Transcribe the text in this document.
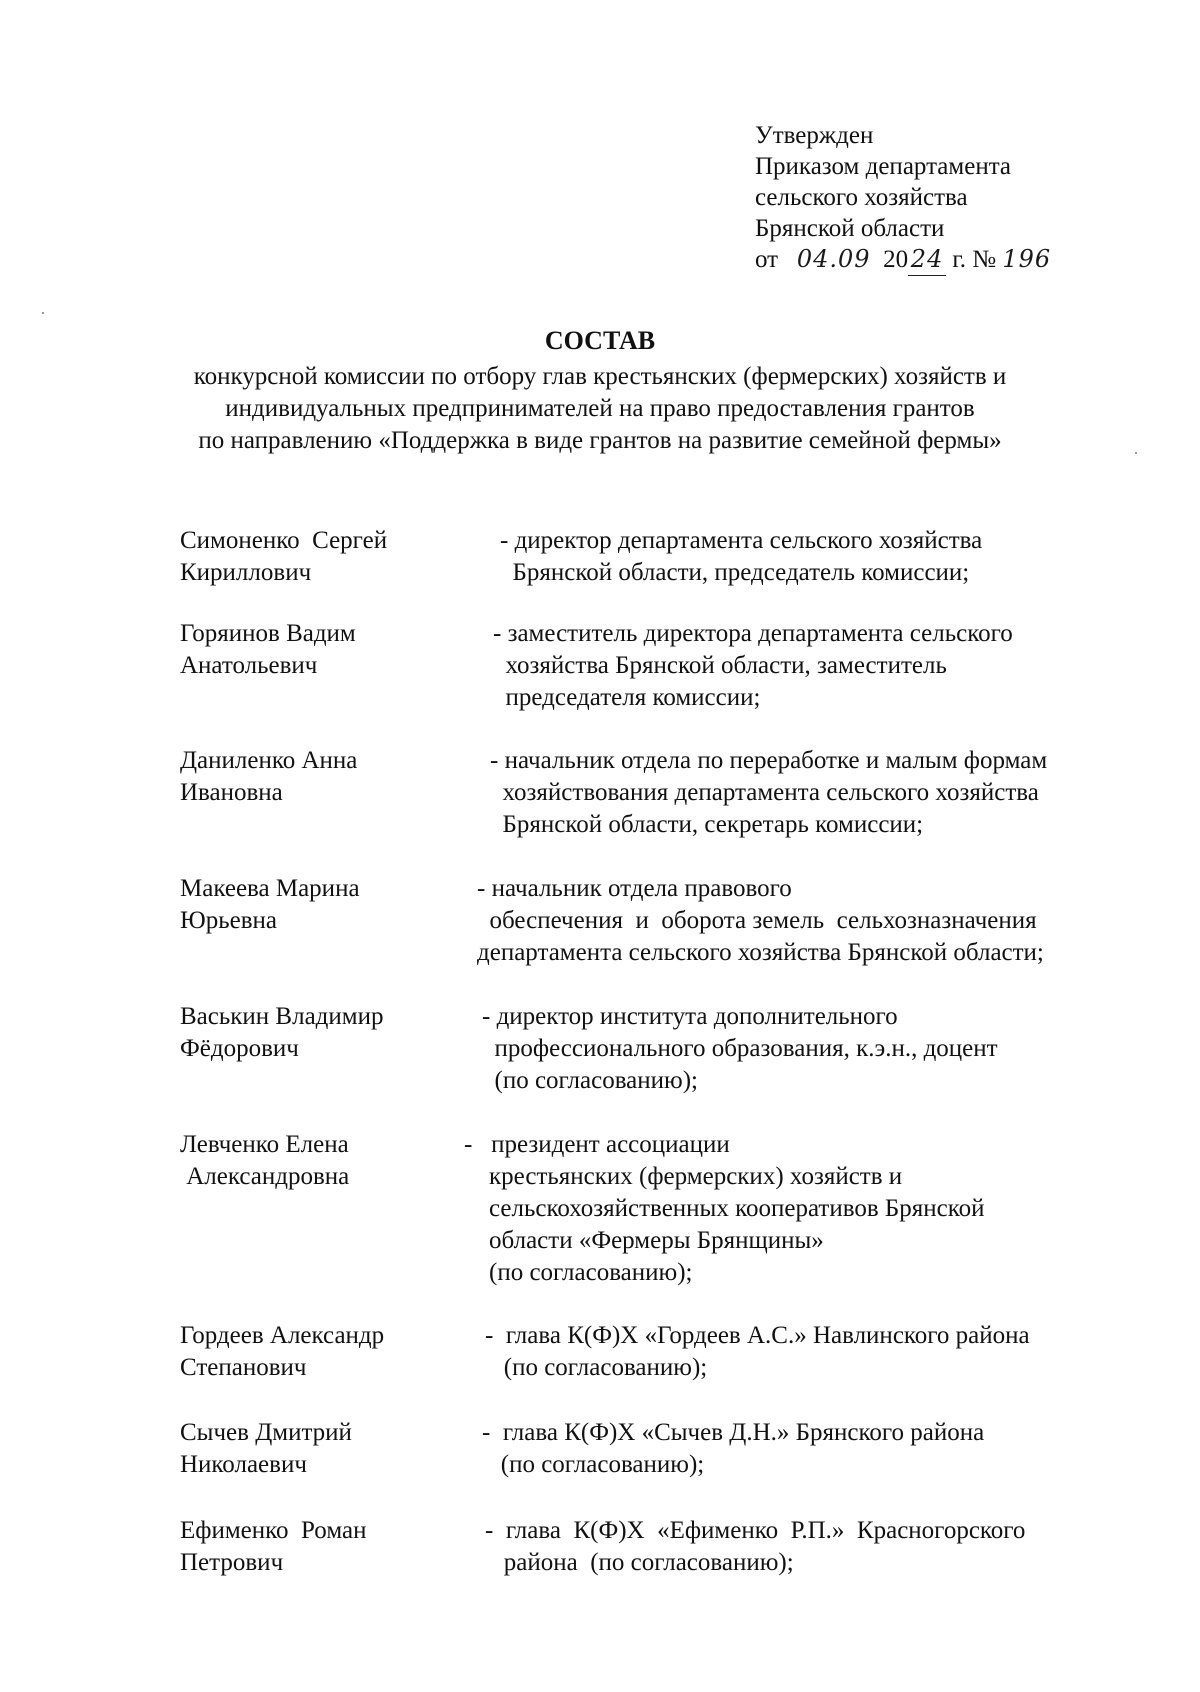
Утвержден
Приказом департамента
сельского хозяйства
Брянской области
от 04.09 20 24 г. № 196
СОСТАВ
конкурсной комиссии по отбору глав крестьянских (фермерских) хозяйств и
индивидуальных предпринимателей на право предоставления грантов
по направлению «Поддержка в виде грантов на развитие семейной фермы»
Симоненко  Сергей
Кириллович
- директор департамента сельского хозяйства
Брянской области, председатель комиссии;
Горяинов Вадим
Анатольевич
- заместитель директора департамента сельского
хозяйства Брянской области, заместитель
председателя комиссии;
Даниленко Анна
Ивановна
- начальник отдела по переработке и малым формам
хозяйствования департамента сельского хозяйства
Брянской области, секретарь комиссии;
Макеева Марина
Юрьевна
- начальник отдела правового
обеспечения  и  оборота земель  сельхозназначения
департамента сельского хозяйства Брянской области;
Васькин Владимир
Фёдорович
- директор института дополнительного
профессионального образования, к.э.н., доцент
(по согласованию);
Левченко Елена
Александровна
-   президент ассоциации
крестьянских (фермерских) хозяйств и
сельскохозяйственных кооперативов Брянской
области «Фермеры Брянщины»
(по согласованию);
Гордеев Александр
Степанович
-  глава К(Ф)Х «Гордеев А.С.» Навлинского района
(по согласованию);
Сычев Дмитрий
Николаевич
-  глава К(Ф)Х «Сычев Д.Н.» Брянского района
(по согласованию);
Ефименко  Роман
Петрович
-  глава  К(Ф)Х  «Ефименко  Р.П.»  Красногорского
района  (по согласованию);
